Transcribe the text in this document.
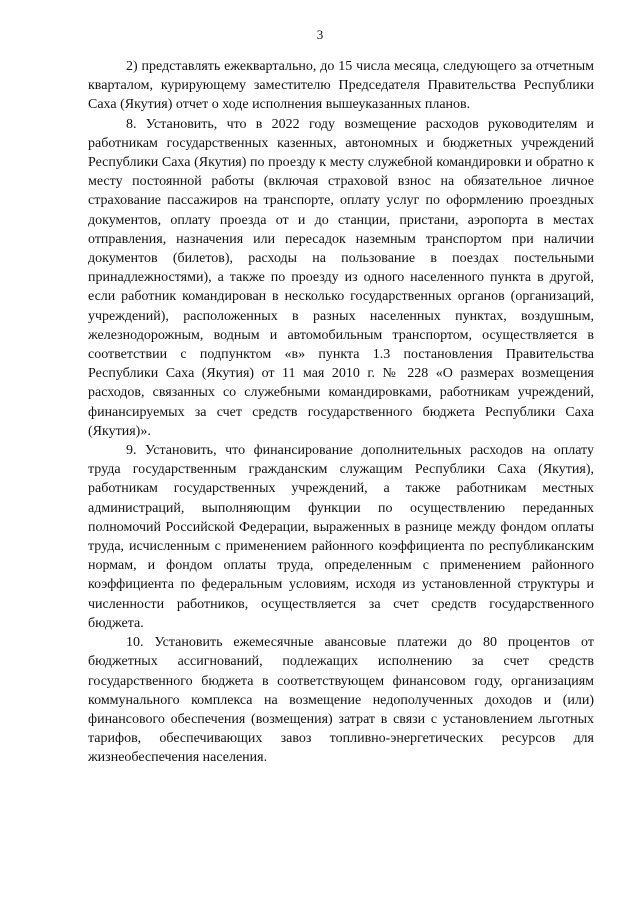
3

2) представлять ежеквартально, до 15 числа месяца, следующего за отчетным кварталом, курирующему заместителю Председателя Правительства Республики Саха (Якутия) отчет о ходе исполнения вышеуказанных планов.

8. Установить, что в 2022 году возмещение расходов руководителям и работникам государственных казенных, автономных и бюджетных учреждений Республики Саха (Якутия) по проезду к месту служебной командировки и обратно к месту постоянной работы (включая страховой взнос на обязательное личное страхование пассажиров на транспорте, оплату услуг по оформлению проездных документов, оплату проезда от и до станции, пристани, аэропорта в местах отправления, назначения или пересадок наземным транспортом при наличии документов (билетов), расходы на пользование в поездах постельными принадлежностями), а также по проезду из одного населенного пункта в другой, если работник командирован в несколько государственных органов (организаций, учреждений), расположенных в разных населенных пунктах, воздушным, железнодорожным, водным и автомобильным транспортом, осуществляется в соответствии с подпунктом «в» пункта 1.3 постановления Правительства Республики Саха (Якутия) от 11 мая 2010 г. № 228 «О размерах возмещения расходов, связанных со служебными командировками, работникам учреждений, финансируемых за счет средств государственного бюджета Республики Саха (Якутия)».

9. Установить, что финансирование дополнительных расходов на оплату труда государственным гражданским служащим Республики Саха (Якутия), работникам государственных учреждений, а также работникам местных администраций, выполняющим функции по осуществлению переданных полномочий Российской Федерации, выраженных в разнице между фондом оплаты труда, исчисленным с применением районного коэффициента по республиканским нормам, и фондом оплаты труда, определенным с применением районного коэффициента по федеральным условиям, исходя из установленной структуры и численности работников, осуществляется за счет средств государственного бюджета.

10. Установить ежемесячные авансовые платежи до 80 процентов от бюджетных ассигнований, подлежащих исполнению за счет средств государственного бюджета в соответствующем финансовом году, организациям коммунального комплекса на возмещение недополученных доходов и (или) финансового обеспечения (возмещения) затрат в связи с установлением льготных тарифов, обеспечивающих завоз топливно-энергетических ресурсов для жизнеобеспечения населения.
